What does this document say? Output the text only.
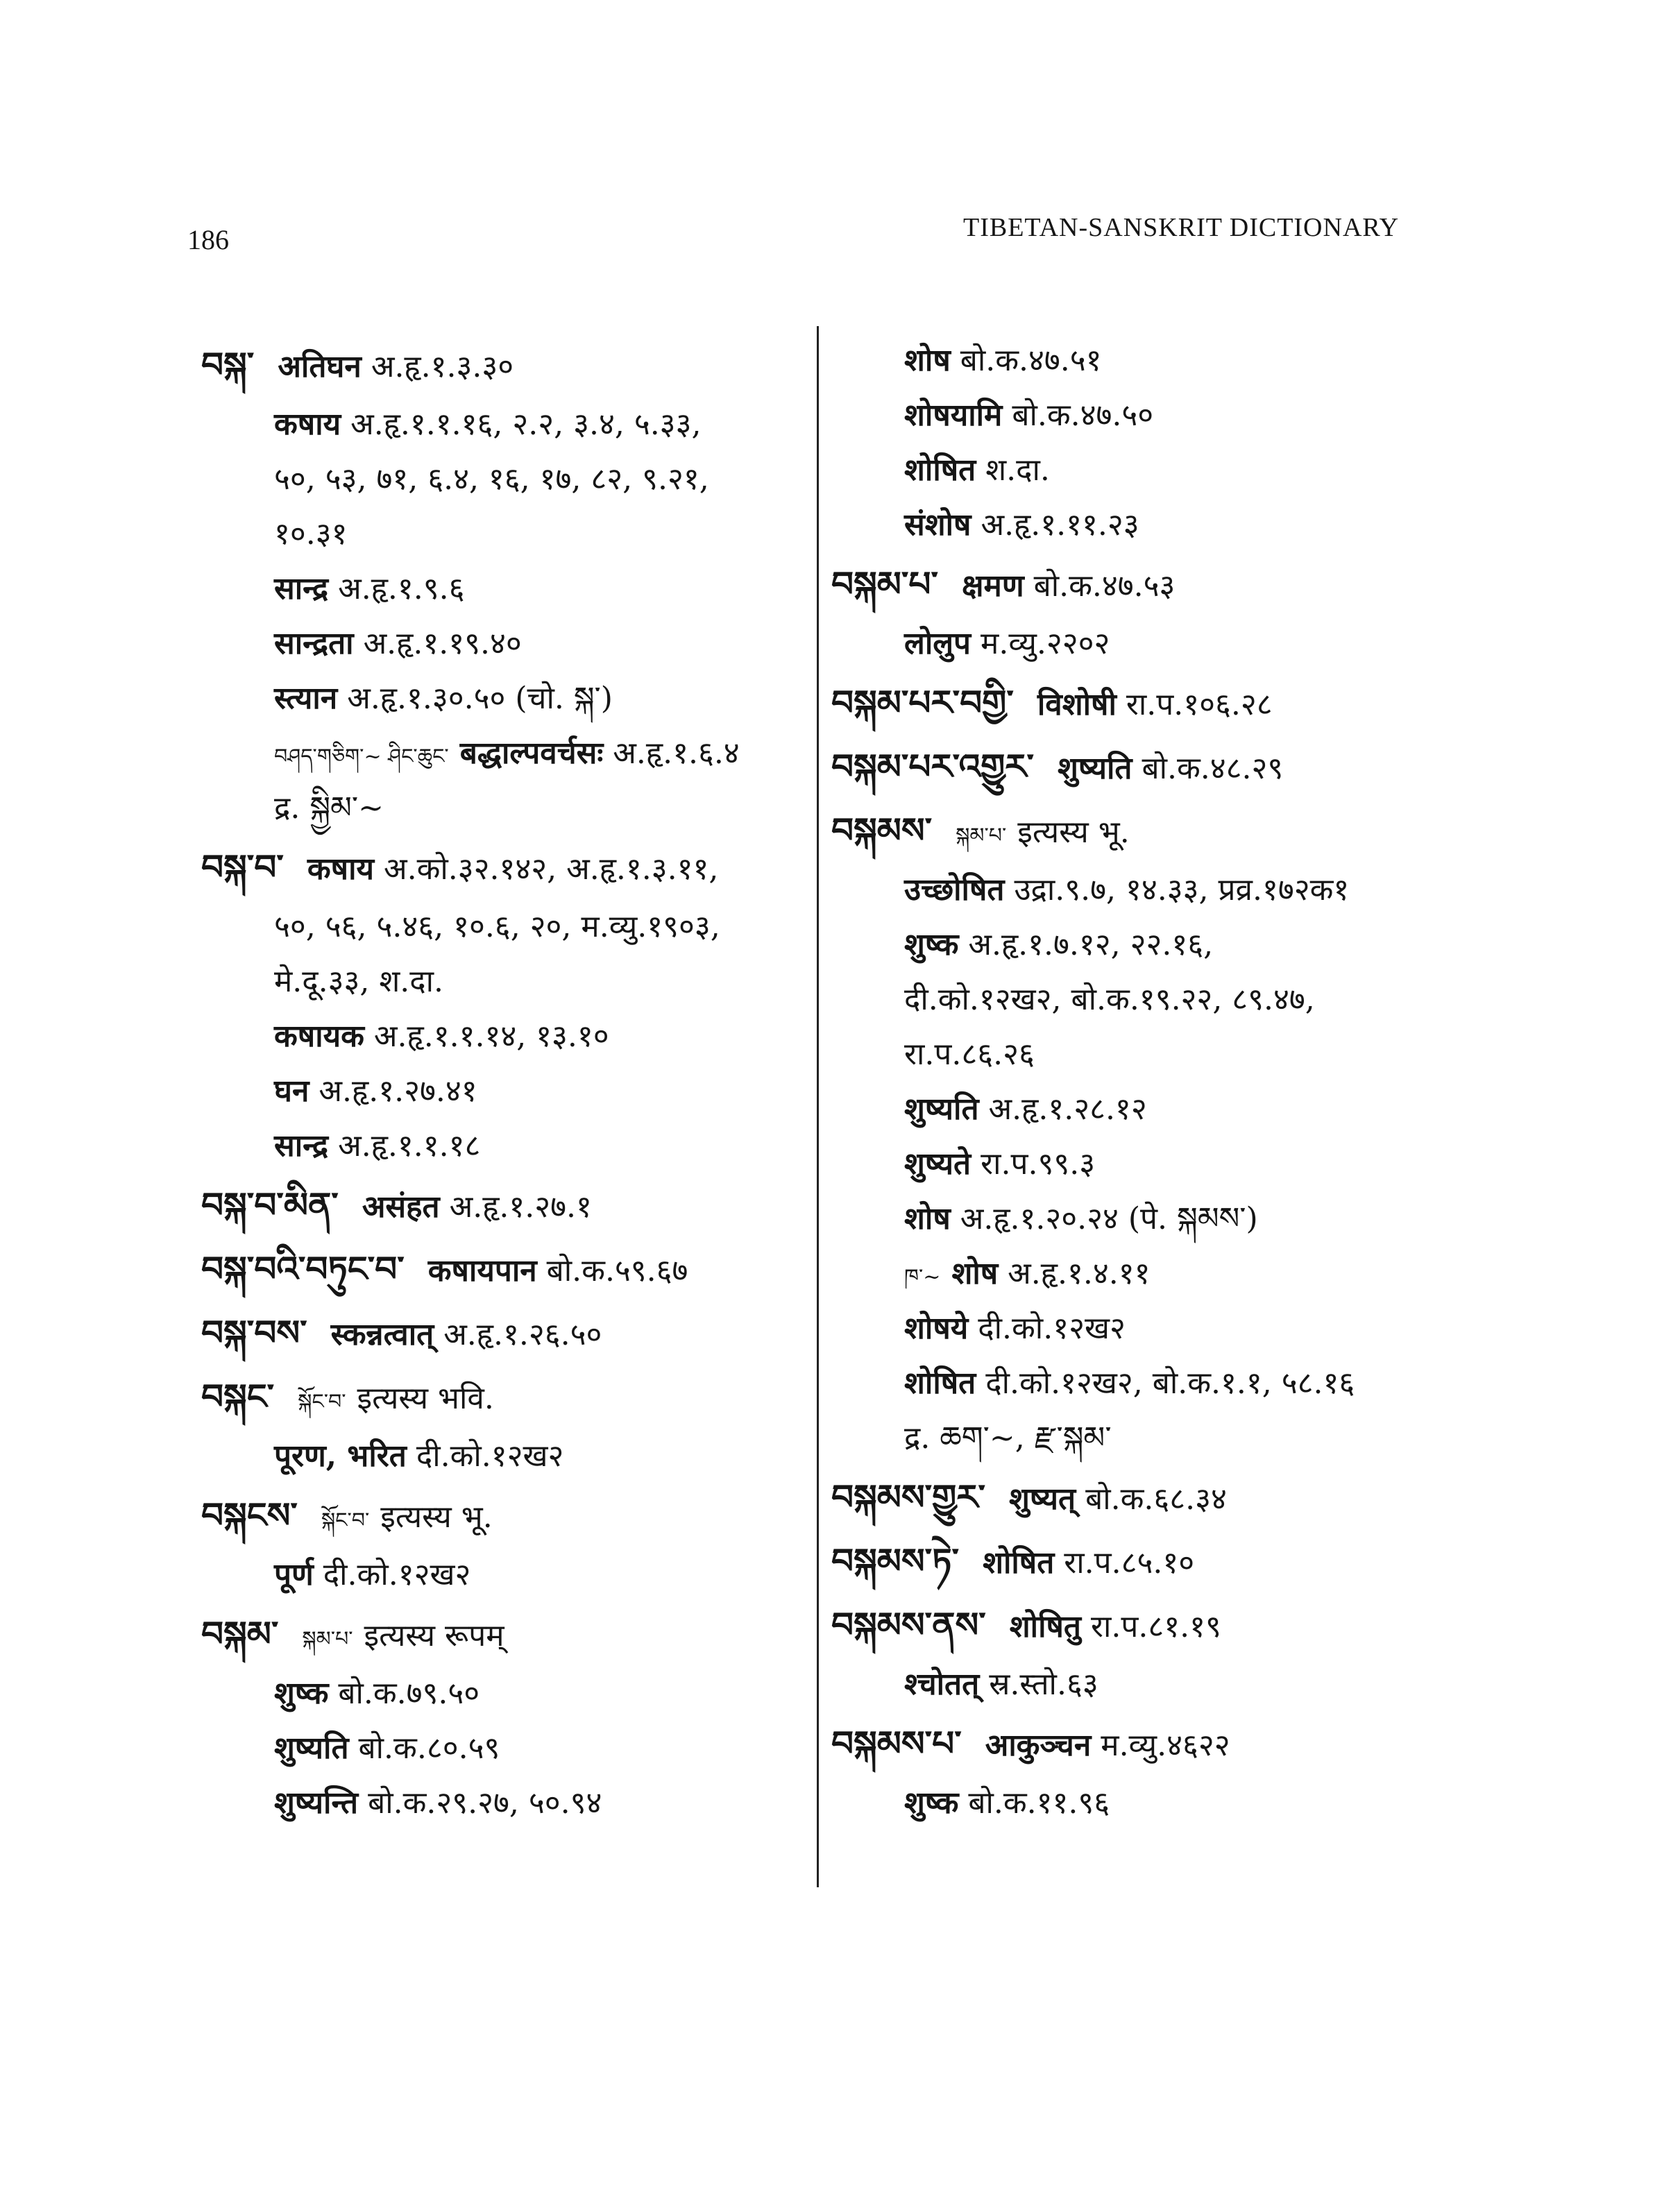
186	TIBETAN-SANSKRIT DICTIONARY
བསྐ་ अतिघन अ.हृ.१.३.३०
कषाय अ.हृ.१.१.१६, २.२, ३.४, ५.३३,
५०, ५३, ७१, ६.४, १६, १७, ८२, ९.२१,
१०.३१
सान्द्र अ.हृ.१.९.६
सान्द्रता अ.हृ.१.१९.४०
स्त्यान अ.हृ.१.३०.५० (चो. སྐ་)
བཤད་གཅིག་~ ཤིང་ཆུང་ बद्धाल्पवर्चसः अ.हृ.१.६.४
द्र. སྐྱིམ་~
བསྐ་བ་ कषाय अ.को.३२.१४२, अ.हृ.१.३.११,
५०, ५६, ५.४६, १०.६, २०, म.व्यु.१९०३,
मे.दू.३३, श.दा.
कषायक अ.हृ.१.१.१४, १३.१०
घन अ.हृ.१.२७.४१
सान्द्र अ.हृ.१.१.१८
བསྐ་བ་མིན་ असंहत अ.हृ.१.२७.१
བསྐ་བའི་བཏུང་བ་ कषायपान बो.क.५९.६७
བསྐ་བས་ स्कन्नत्वात् अ.हृ.१.२६.५०
བསྐང་ སྐོང་བ་ इत्यस्य भवि.
पूरण, भरित दी.को.१२ख२
བསྐངས་ སྐོང་བ་ इत्यस्य भू.
पूर्ण दी.को.१२ख२
བསྐམ་ སྐམ་པ་ इत्यस्य रूपम्
शुष्क बो.क.७९.५०
शुष्यति बो.क.८०.५९
शुष्यन्ति बो.क.२९.२७, ५०.९४
शोष बो.क.४७.५१
शोषयामि बो.क.४७.५०
शोषित श.दा.
संशोष अ.हृ.१.११.२३
བསྐམ་པ་ क्षमण बो.क.४७.५३
लोलुप म.व्यु.२२०२
བསྐམ་པར་བགྱི་ विशोषी रा.प.१०६.२८
བསྐམ་པར་འགྱུར་ शुष्यति बो.क.४८.२९
བསྐམས་ སྐམ་པ་ इत्यस्य भू.
उच्छोषित उद्रा.९.७, १४.३३, प्रव्र.१७२क१
शुष्क अ.हृ.१.७.१२, २२.१६,
दी.को.१२ख२, बो.क.१९.२२, ८९.४७,
रा.प.८६.२६
शुष्यति अ.हृ.१.२८.१२
शुष्यते रा.प.९९.३
शोष अ.हृ.१.२०.२४ (पे. སྐམས་)
ཁ་~ शोष अ.हृ.१.४.११
शोषये दी.को.१२ख२
शोषित दी.को.१२ख२, बो.क.१.१, ५८.१६
द्र. ཆག་~, རྫ་སྐམ་
བསྐམས་གྱུར་ शुष्यत् बो.क.६८.३४
བསྐམས་ཏེ་ शोषित रा.प.८५.१०
བསྐམས་ནས་ शोषितु रा.प.८१.१९
श्चोतत् स्र.स्तो.६३
བསྐམས་པ་ आकुञ्चन म.व्यु.४६२२
शुष्क बो.क.११.९६
